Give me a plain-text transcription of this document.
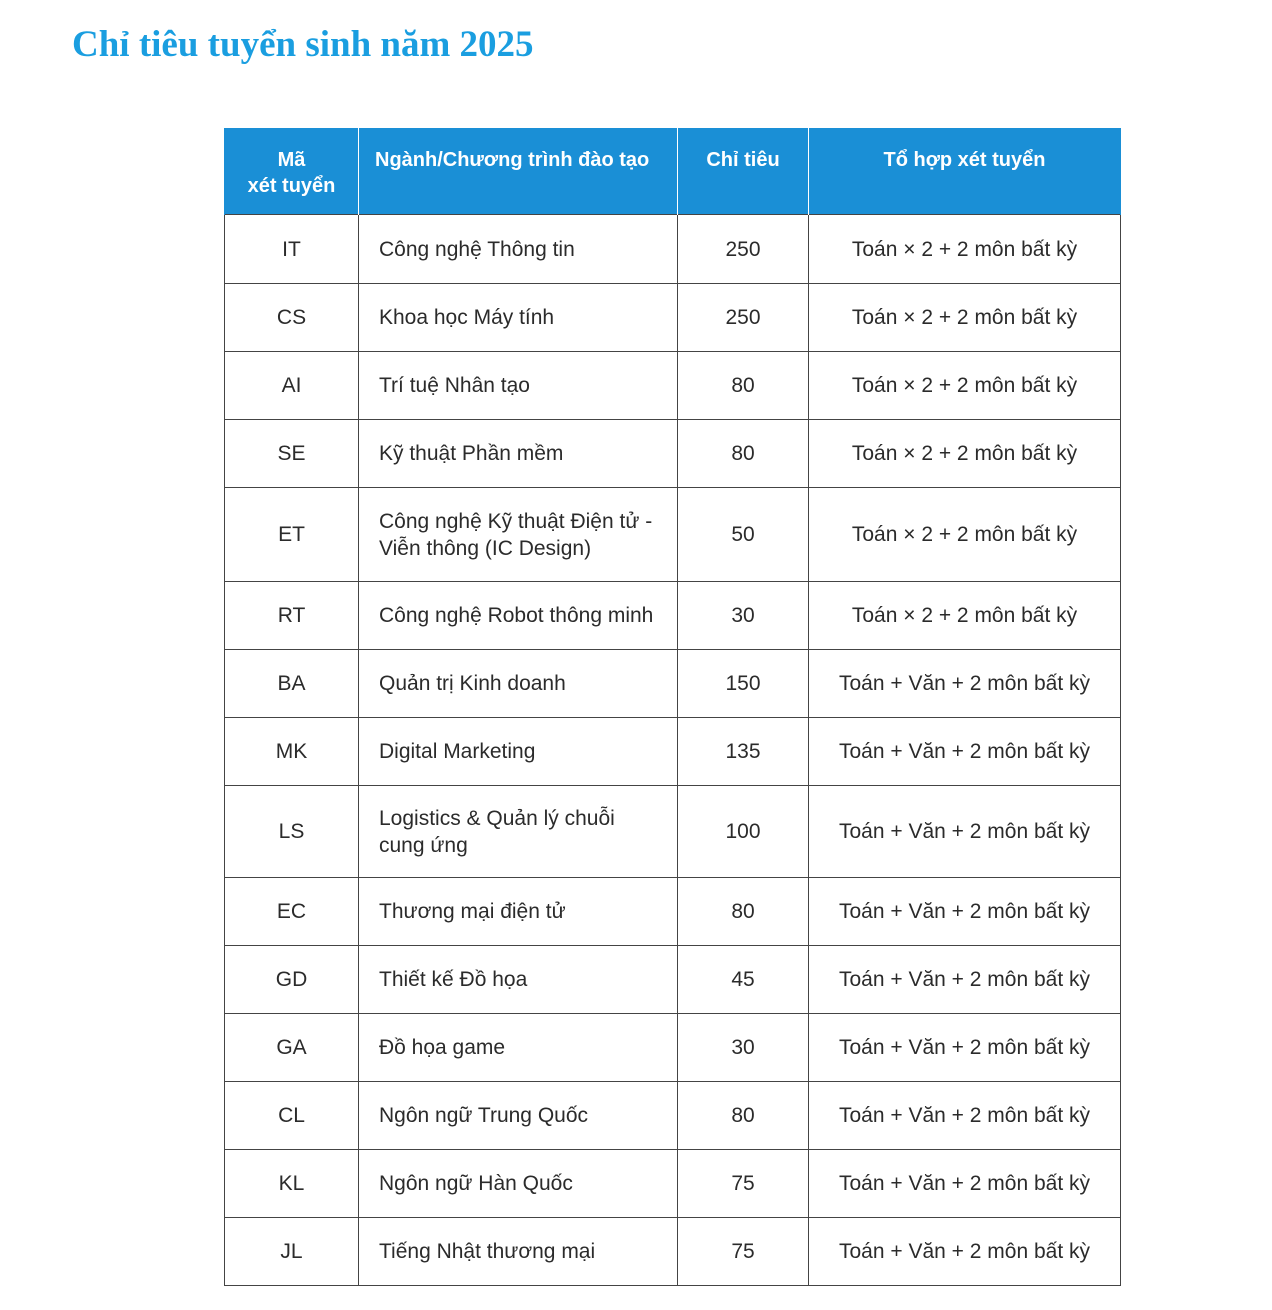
Chỉ tiêu tuyển sinh năm 2025
Mã
xét tuyển	Ngành/Chương trình đào tạo	Chỉ tiêu	Tổ hợp xét tuyển
IT	Công nghệ Thông tin	250	Toán × 2 + 2 môn bất kỳ
CS	Khoa học Máy tính	250	Toán × 2 + 2 môn bất kỳ
AI	Trí tuệ Nhân tạo	80	Toán × 2 + 2 môn bất kỳ
SE	Kỹ thuật Phần mềm	80	Toán × 2 + 2 môn bất kỳ
ET	Công nghệ Kỹ thuật Điện tử - Viễn thông (IC Design)	50	Toán × 2 + 2 môn bất kỳ
RT	Công nghệ Robot thông minh	30	Toán × 2 + 2 môn bất kỳ
BA	Quản trị Kinh doanh	150	Toán + Văn + 2 môn bất kỳ
MK	Digital Marketing	135	Toán + Văn + 2 môn bất kỳ
LS	Logistics & Quản lý chuỗi cung ứng	100	Toán + Văn + 2 môn bất kỳ
EC	Thương mại điện tử	80	Toán + Văn + 2 môn bất kỳ
GD	Thiết kế Đồ họa	45	Toán + Văn + 2 môn bất kỳ
GA	Đồ họa game	30	Toán + Văn + 2 môn bất kỳ
CL	Ngôn ngữ Trung Quốc	80	Toán + Văn + 2 môn bất kỳ
KL	Ngôn ngữ Hàn Quốc	75	Toán + Văn + 2 môn bất kỳ
JL	Tiếng Nhật thương mại	75	Toán + Văn + 2 môn bất kỳ
